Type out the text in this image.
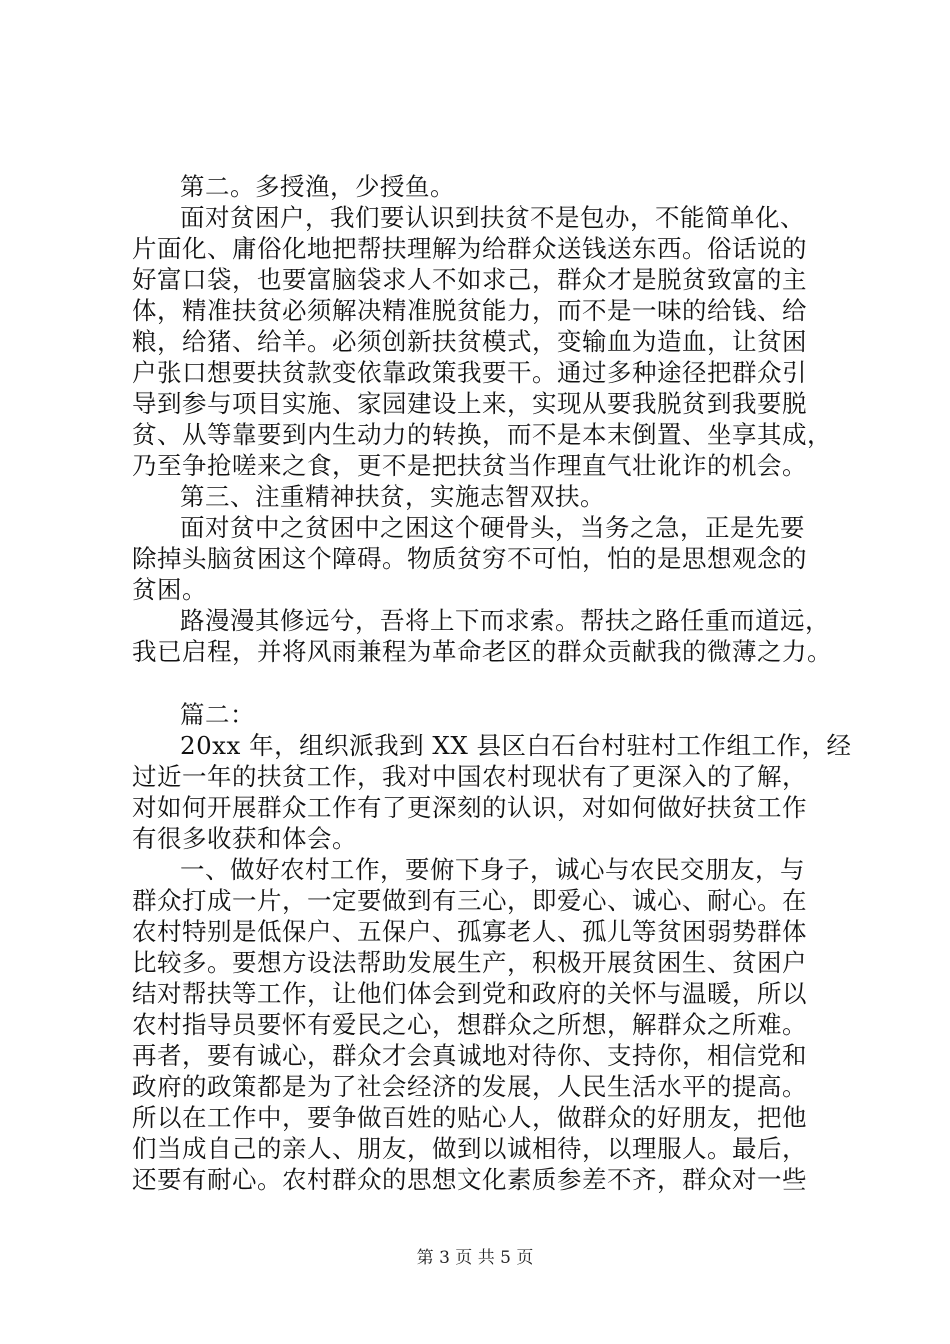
第二。多授渔，少授鱼。
面对贫困户，我们要认识到扶贫不是包办，不能简单化、
片面化、庸俗化地把帮扶理解为给群众送钱送东西。俗话说的
好富口袋，也要富脑袋求人不如求己，群众才是脱贫致富的主
体，精准扶贫必须解决精准脱贫能力，而不是一味的给钱、给
粮，给猪、给羊。必须创新扶贫模式，变输血为造血，让贫困
户张口想要扶贫款变依靠政策我要干。通过多种途径把群众引
导到参与项目实施、家园建设上来，实现从要我脱贫到我要脱
贫、从等靠要到内生动力的转换，而不是本末倒置、坐享其成，
乃至争抢嗟来之食，更不是把扶贫当作理直气壮讹诈的机会。
第三、注重精神扶贫，实施志智双扶。
面对贫中之贫困中之困这个硬骨头，当务之急，正是先要
除掉头脑贫困这个障碍。物质贫穷不可怕，怕的是思想观念的
贫困。
路漫漫其修远兮，吾将上下而求索。帮扶之路任重而道远，
我已启程，并将风雨兼程为革命老区的群众贡献我的微薄之力。
篇二：
20xx 年，组织派我到 XX 县区白石台村驻村工作组工作，经
过近一年的扶贫工作，我对中国农村现状有了更深入的了解，
对如何开展群众工作有了更深刻的认识，对如何做好扶贫工作
有很多收获和体会。
一、做好农村工作，要俯下身子，诚心与农民交朋友，与
群众打成一片，一定要做到有三心，即爱心、诚心、耐心。在
农村特别是低保户、五保户、孤寡老人、孤儿等贫困弱势群体
比较多。要想方设法帮助发展生产，积极开展贫困生、贫困户
结对帮扶等工作，让他们体会到党和政府的关怀与温暖，所以
农村指导员要怀有爱民之心，想群众之所想，解群众之所难。
再者，要有诚心，群众才会真诚地对待你、支持你，相信党和
政府的政策都是为了社会经济的发展，人民生活水平的提高。
所以在工作中，要争做百姓的贴心人，做群众的好朋友，把他
们当成自己的亲人、朋友，做到以诚相待，以理服人。最后，
还要有耐心。农村群众的思想文化素质参差不齐，群众对一些
第 3 页 共 5 页
